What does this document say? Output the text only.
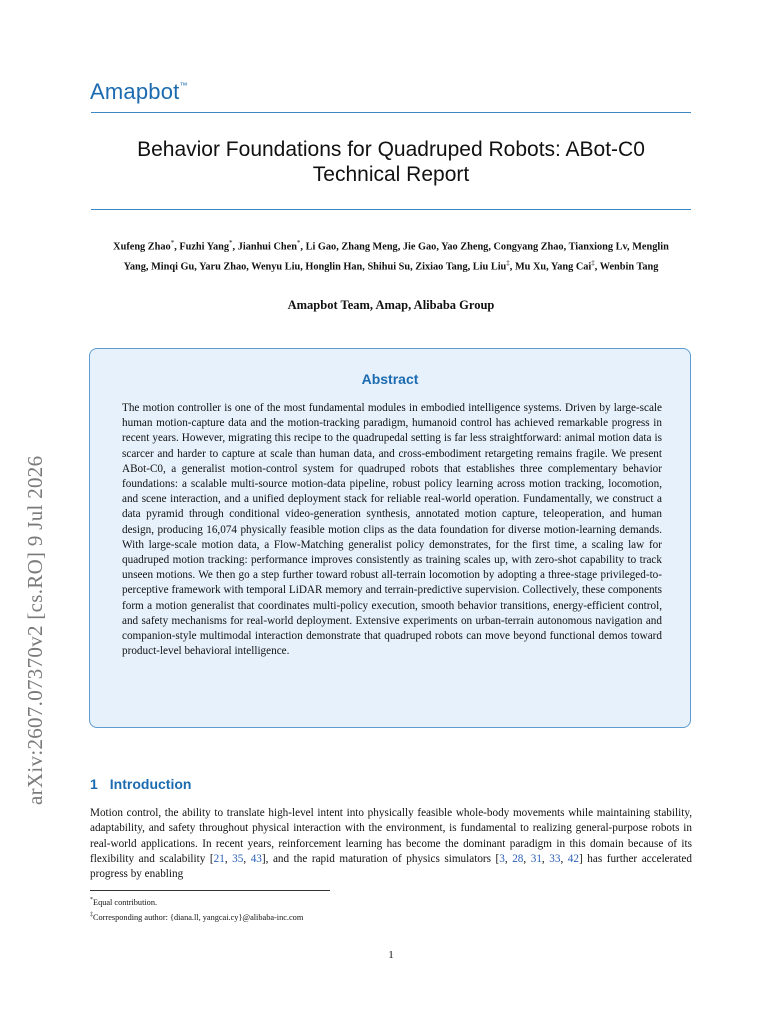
Amapbot™
Behavior Foundations for Quadruped Robots: ABot-C0
Technical Report
Xufeng Zhao*, Fuzhi Yang*, Jianhui Chen*, Li Gao, Zhang Meng, Jie Gao, Yao Zheng, Congyang Zhao, Tianxiong Lv, Menglin Yang, Minqi Gu, Yaru Zhao, Wenyu Liu, Honglin Han, Shihui Su, Zixiao Tang, Liu Liu‡, Mu Xu, Yang Cai‡, Wenbin Tang
Amapbot Team, Amap, Alibaba Group
Abstract
The motion controller is one of the most fundamental modules in embodied intelligence systems. Driven by large-scale human motion-capture data and the motion-tracking paradigm, humanoid control has achieved remarkable progress in recent years. However, migrating this recipe to the quadrupedal setting is far less straightforward: animal motion data is scarcer and harder to capture at scale than human data, and cross-embodiment retargeting remains fragile. We present ABot-C0, a generalist motion-control system for quadruped robots that establishes three complementary behavior foundations: a scalable multi-source motion-data pipeline, robust policy learning across motion tracking, locomotion, and scene interaction, and a unified deployment stack for reliable real-world operation. Fundamentally, we construct a data pyramid through conditional video-generation synthesis, annotated motion capture, teleoperation, and human design, producing 16,074 physically feasible motion clips as the data foundation for diverse motion-learning demands. With large-scale motion data, a Flow-Matching generalist policy demonstrates, for the first time, a scaling law for quadruped motion tracking: performance improves consistently as training scales up, with zero-shot capability to track unseen motions. We then go a step further toward robust all-terrain locomotion by adopting a three-stage privileged-to-perceptive framework with temporal LiDAR memory and terrain-predictive supervision. Collectively, these components form a motion generalist that coordinates multi-policy execution, smooth behavior transitions, energy-efficient control, and safety mechanisms for real-world deployment. Extensive experiments on urban-terrain autonomous navigation and companion-style multimodal interaction demonstrate that quadruped robots can move beyond functional demos toward product-level behavioral intelligence.
arXiv:2607.07370v2 [cs.RO] 9 Jul 2026	1 Introduction
Motion control, the ability to translate high-level intent into physically feasible whole-body movements while maintaining stability, adaptability, and safety throughout physical interaction with the environment, is fundamental to realizing general-purpose robots in real-world applications. In recent years, reinforcement learning has become the dominant paradigm in this domain because of its flexibility and scalability [21, 35, 43], and the rapid maturation of physics simulators [3, 28, 31, 33, 42] has further accelerated progress by enabling
*Equal contribution.
‡Corresponding author: {diana.ll, yangcai.cy}@alibaba-inc.com
1
